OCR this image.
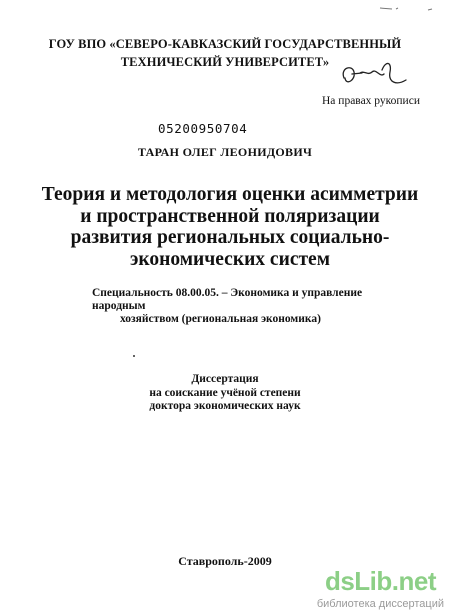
ГОУ ВПО «СЕВЕРО-КАВКАЗСКИЙ ГОСУДАРСТВЕННЫЙ
ТЕХНИЧЕСКИЙ УНИВЕРСИТЕТ»
На правах рукописи
05200950704
ТАРАН ОЛЕГ ЛЕОНИДОВИЧ
Теория и методология оценки асимметрии
и пространственной поляризации
развития региональных социально-
экономических систем
Специальность 08.00.05. – Экономика и управление народным
хозяйством (региональная экономика)
Диссертация
на соискание учёной степени
доктора экономических наук
Ставрополь-2009
dsLib.net
библиотека диссертаций
